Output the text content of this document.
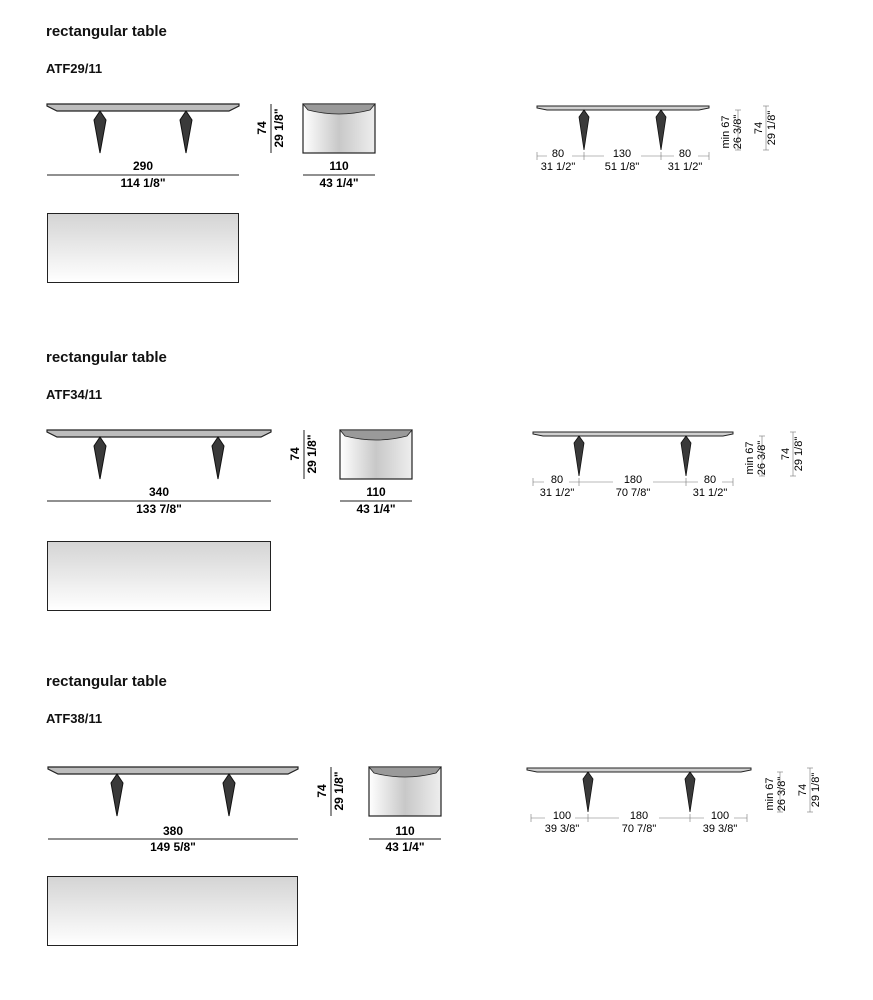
rectangular table
ATF29/11
290
114 1/8"
74 29 1/8"
110
43 1/4"
80
31 1/2"
130
51 1/8"
80
31 1/2"
min 67 26 3/8" 74 29 1/8"
rectangular table
ATF34/11
340
133 7/8"
74 29 1/8"
110
43 1/4"
80
31 1/2"
180
70 7/8"
80
31 1/2"
min 67 26 3/8" 74 29 1/8"
rectangular table
ATF38/11
380
149 5/8"
74 29 1/8"
110
43 1/4"
100
39 3/8"
180
70 7/8"
100
39 3/8"
min 67 26 3/8" 74 29 1/8"
